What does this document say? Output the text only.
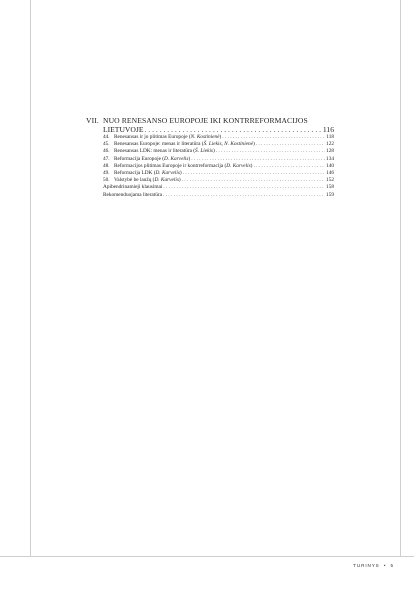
VII. NUO RENESANSO EUROPOJE IKI KONTRREFORMACIJOS
LIETUVOJE . . .	116
44. Renesansas ir jo plitimas Europoje (N. Kostinienė) . . .	118
45. Renesansas Europoje: menas ir literatūra (Š. Liekis, N. Kostinienė) . . .	122
46. Renesansas LDK: menas ir literatūra (Š. Liekis) . . .	128
47. Reformacija Europoje (D. Karvelis) . . .	134
48. Reformacijos plitimas Europoje ir kontrreformacija (D. Karvelis) . . .	140
49. Reformacija LDK (D. Karvelis) . . .	146
50. Valstybė be laužų (D. Karvelis) . . .	152
Apibendrinamieji klausimai . . .	158
Rekomenduojama literatūra . . .	159
TURINYS • 5
